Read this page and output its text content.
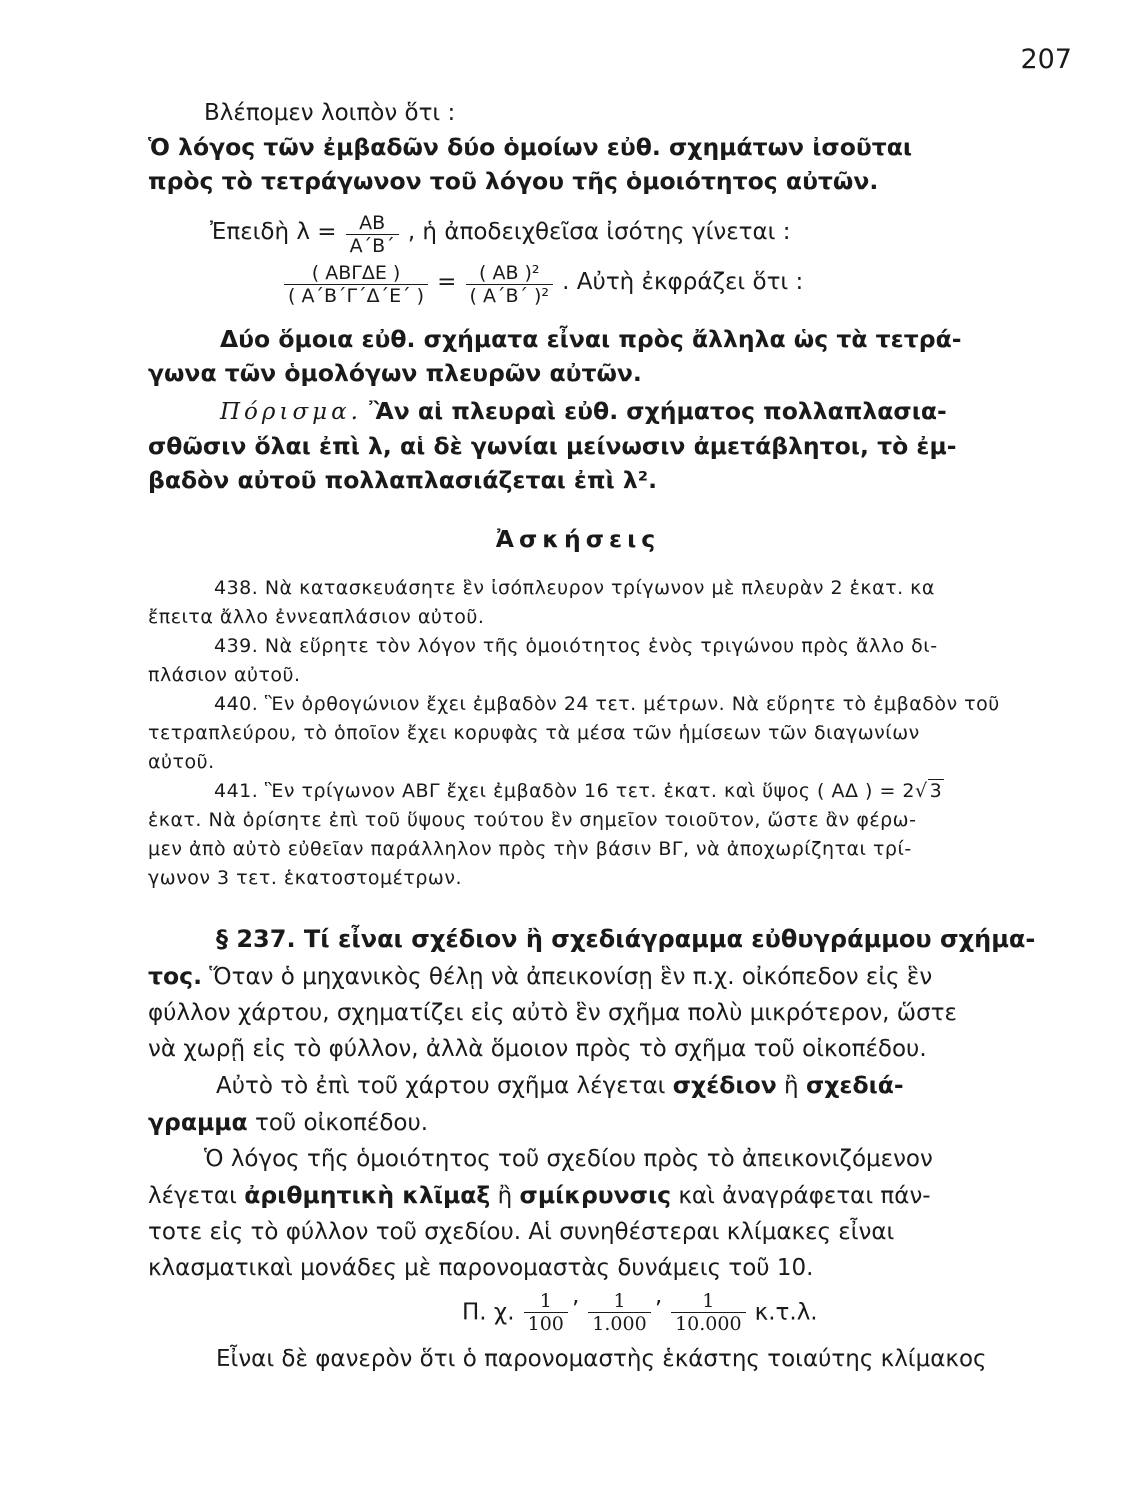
207
Βλέπομεν λοιπὸν ὅτι :
Ὁ λόγος τῶν ἐμβαδῶν δύο ὁμοίων εὐθ. σχημάτων ἰσοῦται
πρὸς τὸ τετράγωνον τοῦ λόγου τῆς ὁμοιότητος αὐτῶν.
Ἐπειδὴ $\lambda = \frac{AB}{A΄B΄}$ , ἡ ἀποδειχθεῖσα ἰσότης γίνεται :
$\frac{\text{( ΑΒΓΔΕ )}}{( A΄B΄\Gamma΄\Delta΄E΄ )} = \frac{\text{( ΑΒ )²}}{\text{( Α΄Β΄ )²}}$ . Αὐτὴ ἐκφράζει ὅτι :
Δύο ὅμοια εὐθ. σχήματα εἶναι πρὸς ἄλληλα ὡς τὰ τετρά-
γωνα τῶν ὁμολόγων πλευρῶν αὐτῶν.
Πόρισμα. Ἂν αἱ πλευραὶ εὐθ. σχήματος πολλαπλασια-
σθῶσιν ὅλαι ἐπὶ λ, αἱ δὲ γωνίαι μείνωσιν ἀμετάβλητοι, τὸ ἐμ-
βαδὸν αὐτοῦ πολλαπλασιάζεται ἐπὶ λ².
Ἀσκήσεις
438. Νὰ κατασκευάσητε ἓν ἰσόπλευρον τρίγωνον μὲ πλευρὰν 2 ἑκατ. κα
ἔπειτα ἄλλο ἐννεαπλάσιον αὐτοῦ.
439. Νὰ εὕρητε τὸν λόγον τῆς ὁμοιότητος ἑνὸς τριγώνου πρὸς ἄλλο δι-
πλάσιον αὐτοῦ.
440. Ἓν ὀρθογώνιον ἔχει ἐμβαδὸν 24 τετ. μέτρων. Νὰ εὕρητε τὸ ἐμβαδὸν τοῦ
τετραπλεύρου, τὸ ὁποῖον ἔχει κορυφὰς τὰ μέσα τῶν ἡμίσεων τῶν διαγωνίων
αὐτοῦ.
441. Ἓν τρίγωνον ΑΒΓ ἔχει ἐμβαδὸν 16 τετ. ἑκατ. καὶ ὕψος ( ΑΔ ) = 2√ 3
ἑκατ. Νὰ ὁρίσητε ἐπὶ τοῦ ὕψους τούτου ἓν σημεῖον τοιοῦτον, ὥστε ἂν φέρω-
μεν ἀπὸ αὐτὸ εὐθεῖαν παράλληλον πρὸς τὴν βάσιν ΒΓ, νὰ ἀποχωρίζηται τρί-
γωνον 3 τετ. ἑκατοστομέτρων.
§ 237. Τί εἶναι σχέδιον ἢ σχεδιάγραμμα εὐθυγράμμου σχήμα-
τος. Ὅταν ὁ μηχανικὸς θέλῃ νὰ ἀπεικονίσῃ ἓν π.χ. οἰκόπεδον εἰς ἓν
φύλλον χάρτου, σχηματίζει εἰς αὐτὸ ἓν σχῆμα πολὺ μικρότερον, ὥστε
νὰ χωρῇ εἰς τὸ φύλλον, ἀλλὰ ὅμοιον πρὸς τὸ σχῆμα τοῦ οἰκοπέδου.
Αὐτὸ τὸ ἐπὶ τοῦ χάρτου σχῆμα λέγεται σχέδιον ἢ σχεδιά-
γραμμα τοῦ οἰκοπέδου.
Ὁ λόγος τῆς ὁμοιότητος τοῦ σχεδίου πρὸς τὸ ἀπεικονιζόμενον
λέγεται ἀριθμητικὴ κλῖμαξ ἢ σμίκρυνσις καὶ ἀναγράφεται πάν-
τοτε εἰς τὸ φύλλον τοῦ σχεδίου. Αἱ συνηθέστεραι κλίμακες εἶναι
κλασματικαὶ μονάδες μὲ παρονομαστὰς δυνάμεις τοῦ 10.
Π. χ. $\frac{1}{100}$ ’ $\frac{1}{1.000}$ ’ $\frac{1}{10.000} \kappa.\tau.\lambda$.
Εἶναι δὲ φανερὸν ὅτι ὁ παρονομαστὴς ἑκάστης τοιαύτης κλίμακος
